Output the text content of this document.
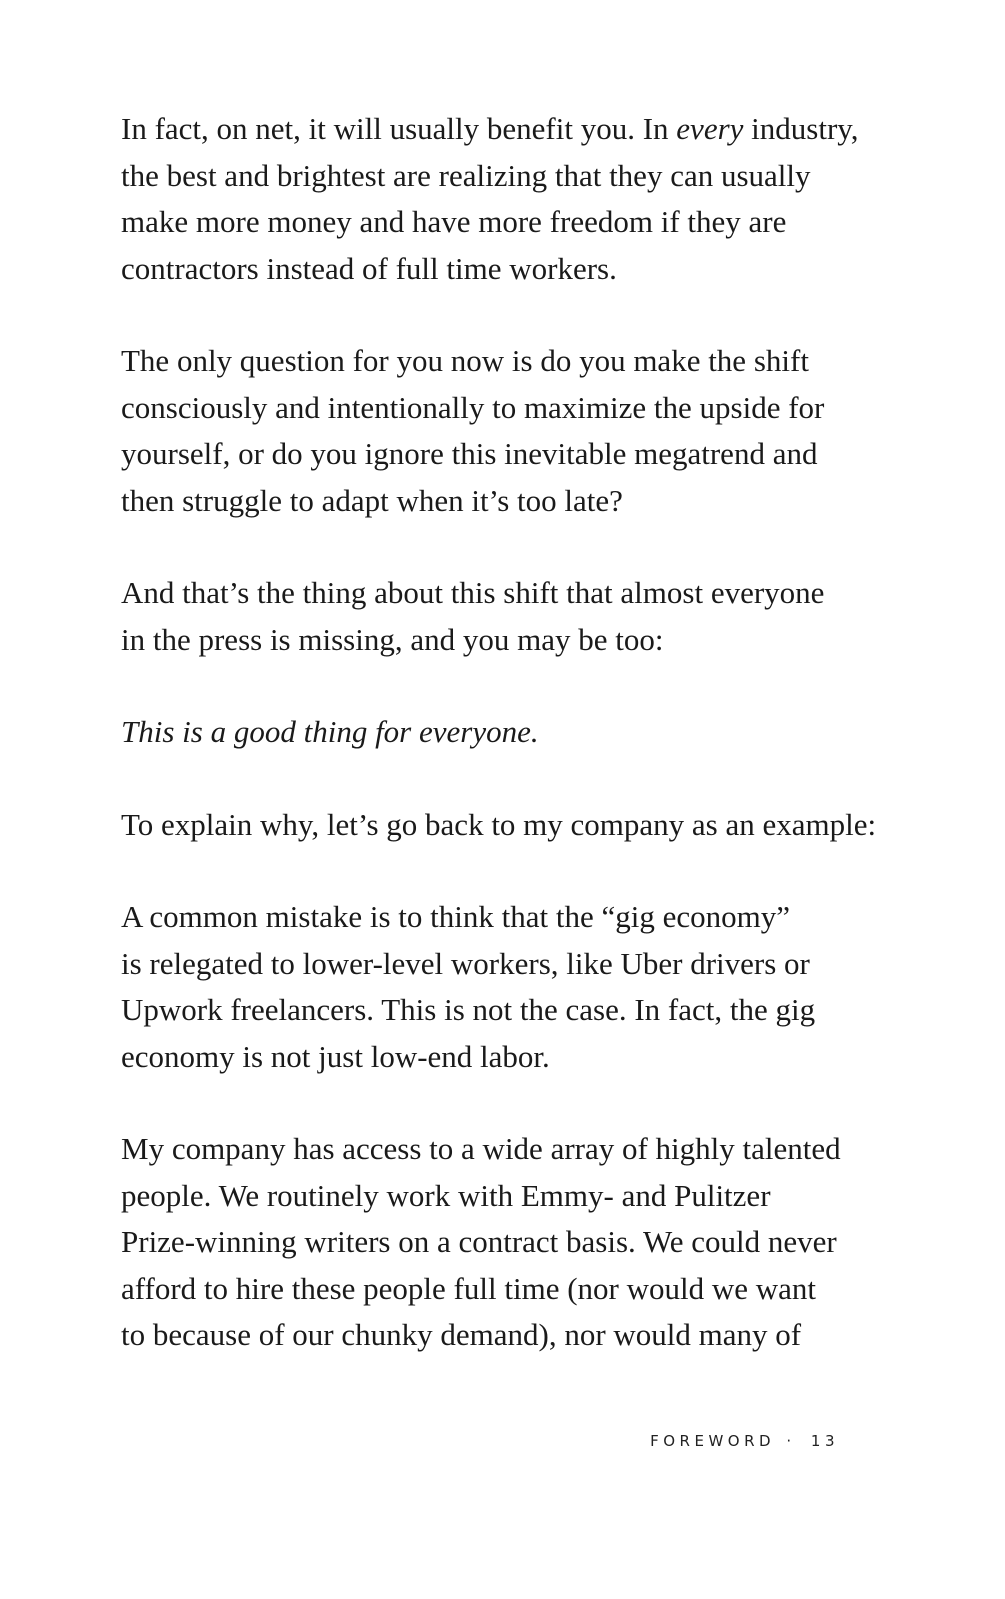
In fact, on net, it will usually benefit you. In every industry,
the best and brightest are realizing that they can usually
make more money and have more freedom if they are
contractors instead of full time workers.

The only question for you now is do you make the shift
consciously and intentionally to maximize the upside for
yourself, or do you ignore this inevitable megatrend and
then struggle to adapt when it’s too late?

And that’s the thing about this shift that almost everyone
in the press is missing, and you may be too:

This is a good thing for everyone.

To explain why, let’s go back to my company as an example:

A common mistake is to think that the “gig economy”
is relegated to lower-level workers, like Uber drivers or
Upwork freelancers. This is not the case. In fact, the gig
economy is not just low-end labor.

My company has access to a wide array of highly talented
people. We routinely work with Emmy- and Pulitzer
Prize-winning writers on a contract basis. We could never
afford to hire these people full time (nor would we want
to because of our chunky demand), nor would many of

FOREWORD · 13
